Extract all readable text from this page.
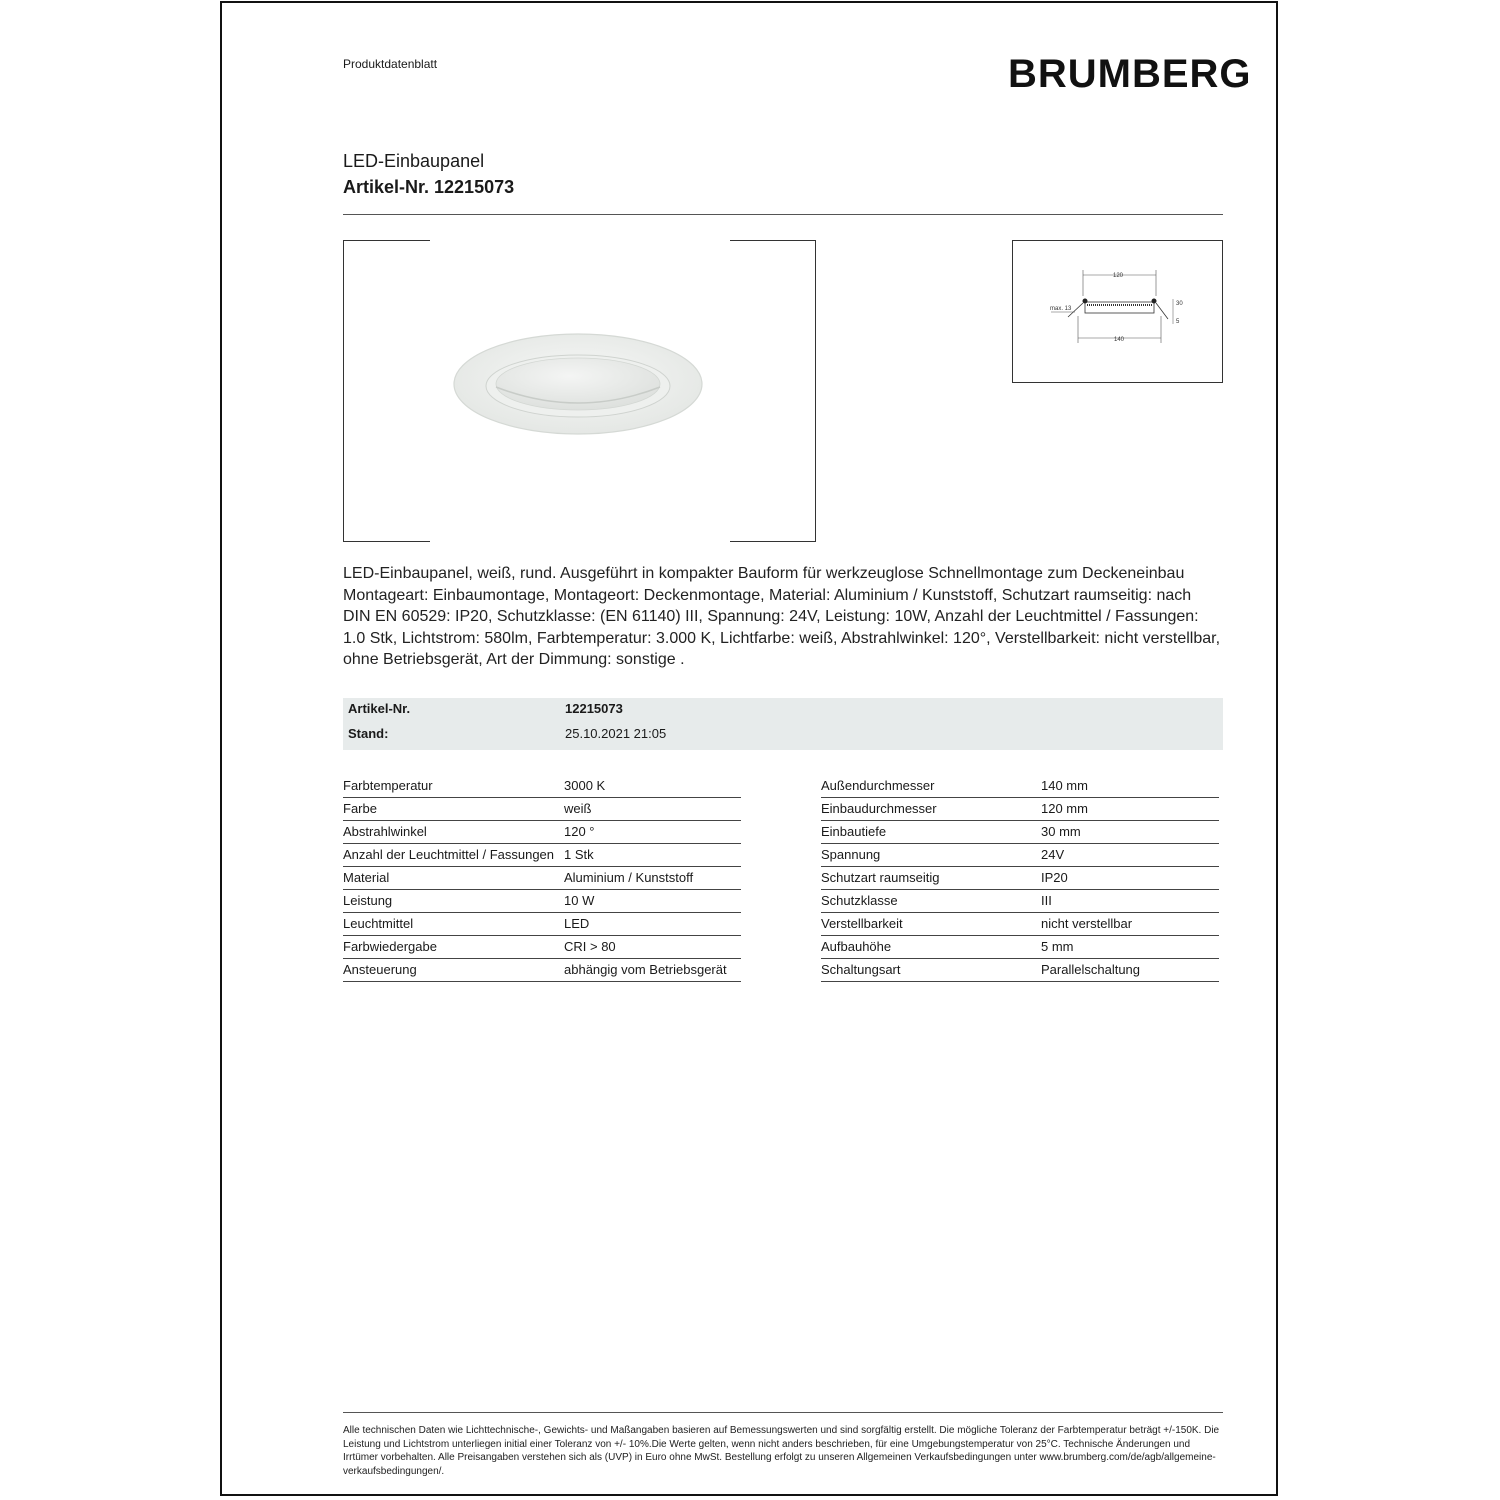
Produktdatenblatt	BRUMBERG
LED-Einbaupanel
Artikel-Nr. 12215073
120
max. 13
30
5
140
LED-Einbaupanel, weiß, rund. Ausgeführt in kompakter Bauform für werkzeuglose Schnellmontage zum Deckeneinbau Montageart: Einbaumontage, Montageort: Deckenmontage, Material: Aluminium / Kunststoff, Schutzart raumseitig: nach DIN EN 60529: IP20, Schutzklasse: (EN 61140) III, Spannung: 24V, Leistung: 10W, Anzahl der Leuchtmittel / Fassungen: 1.0 Stk, Lichtstrom: 580lm, Farbtemperatur: 3.000 K, Lichtfarbe: weiß, Abstrahlwinkel: 120°, Verstellbarkeit: nicht verstellbar, ohne Betriebsgerät, Art der Dimmung: sonstige .
Artikel-Nr.	12215073
Stand:	25.10.2021 21:05
Farbtemperatur	3000 K
Farbe	weiß
Abstrahlwinkel	120 °
Anzahl der Leuchtmittel / Fassungen 1 Stk
Material	Aluminium / Kunststoff
Leistung	10 W
Leuchtmittel	LED
Farbwiedergabe	CRI > 80
Ansteuerung	abhängig vom Betriebsgerät
Außendurchmesser	140 mm
Einbaudurchmesser	120 mm
Einbautiefe	30 mm
Spannung	24V
Schutzart raumseitig	IP20
Schutzklasse	III
Verstellbarkeit	nicht verstellbar
Aufbauhöhe	5 mm
Schaltungsart	Parallelschaltung
Alle technischen Daten wie Lichttechnische-, Gewichts- und Maßangaben basieren auf Bemessungswerten und sind sorgfältig erstellt. Die mögliche Toleranz der Farbtemperatur beträgt +/-150K. Die Leistung und Lichtstrom unterliegen initial einer Toleranz von +/- 10%.Die Werte gelten, wenn nicht anders beschrieben, für eine Umgebungstemperatur von 25°C. Technische Änderungen und Irrtümer vorbehalten. Alle Preisangaben verstehen sich als (UVP) in Euro ohne MwSt. Bestellung erfolgt zu unseren Allgemeinen Verkaufsbedingungen unter www.brumberg.com/de/agb/allgemeine-verkaufsbedingungen/.
